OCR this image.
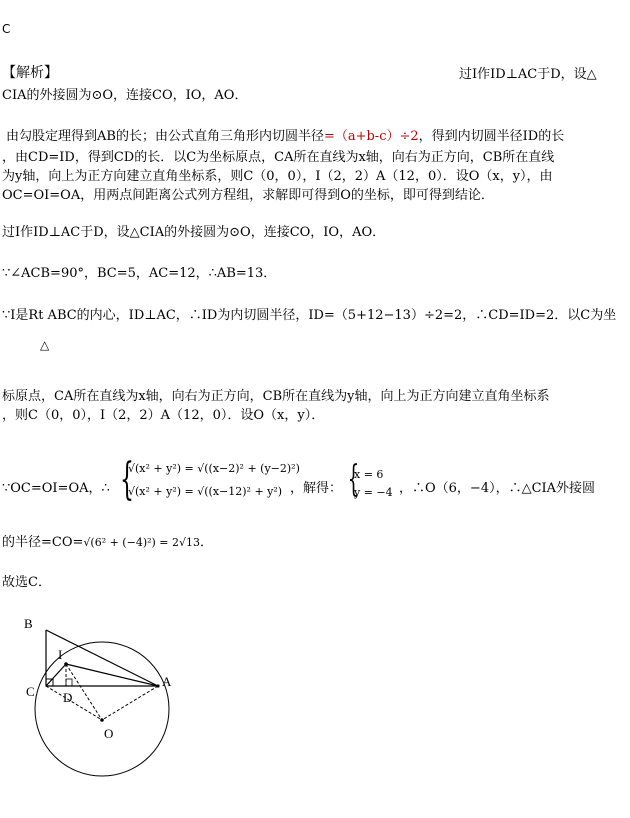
C
【解析】	过I作ID⊥AC于D，设△
CIA的外接圆为⊙O，连接CO，IO，AO．
由勾股定理得到AB的长；由公式直角三角形内切圆半径=（a+b-c）÷2，得到内切圆半径ID的长
，由CD=ID，得到CD的长．以C为坐标原点，CA所在直线为x轴，向右为正方向，CB所在直线
为y轴，向上为正方向建立直角坐标系，则C（0，0），I（2，2）A（12，0）．设O（x，y），由
OC=OI=OA，用两点间距离公式列方程组，求解即可得到O的坐标，即可得到结论．
过I作ID⊥AC于D，设△CIA的外接圆为⊙O，连接CO，IO，AO．
∵∠ACB=90°，BC=5，AC=12，∴AB=13．
∵I是Rt ABC的内心，ID⊥AC，∴ID为内切圆半径，ID=（5+12−13）÷2=2，∴CD=ID=2．以C为坐
△
标原点，CA所在直线为x轴，向右为正方向，CB所在直线为y轴，向上为正方向建立直角坐标系
，则C（0，0），I（2，2）A（12，0）．设O（x，y）．
∵OC=OI=OA，∴ {
√(x² + y²) = √((x−2)² + (y−2)²)
√(x² + y²) = √((x−12)² + y²) ，解得： {
x = 6
y = −4 ，∴O（6，−4），∴△CIA外接圆
的半径=CO=√(6² + (−4)²) = 2√13．
故选C．
B
I
C D
A
O
